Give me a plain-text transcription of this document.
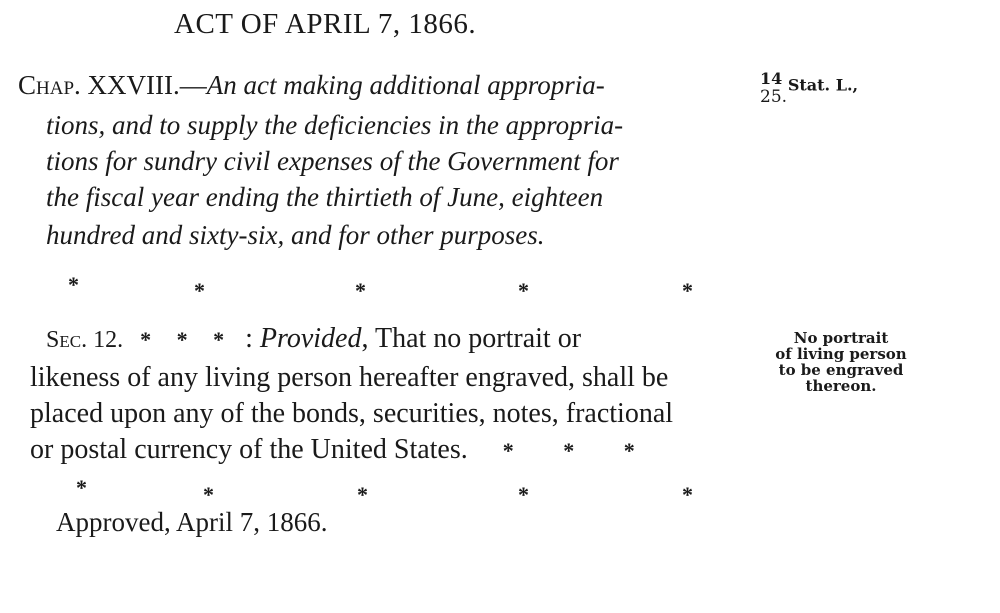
ACT OF APRIL 7, 1866.
Chap. XXVIII.—An act making additional appropria-
tions, and to supply the deficiencies in the appropria-
tions for sundry civil expenses of the Government for
the fiscal year ending the thirtieth of June, eighteen
hundred and sixty-six, and for other purposes.
$^{14}$ Stat. L.,
25.
*	*	*	*	*
Sec. 12. * * * : Provided, That no portrait or
likeness of any living person hereafter engraved, shall be
placed upon any of the bonds, securities, notes, fractional
or postal currency of the United States. * * *
No portrait
of living person
to be engraved
thereon.
*	*	*	*	*
Approved, April 7, 1866.
